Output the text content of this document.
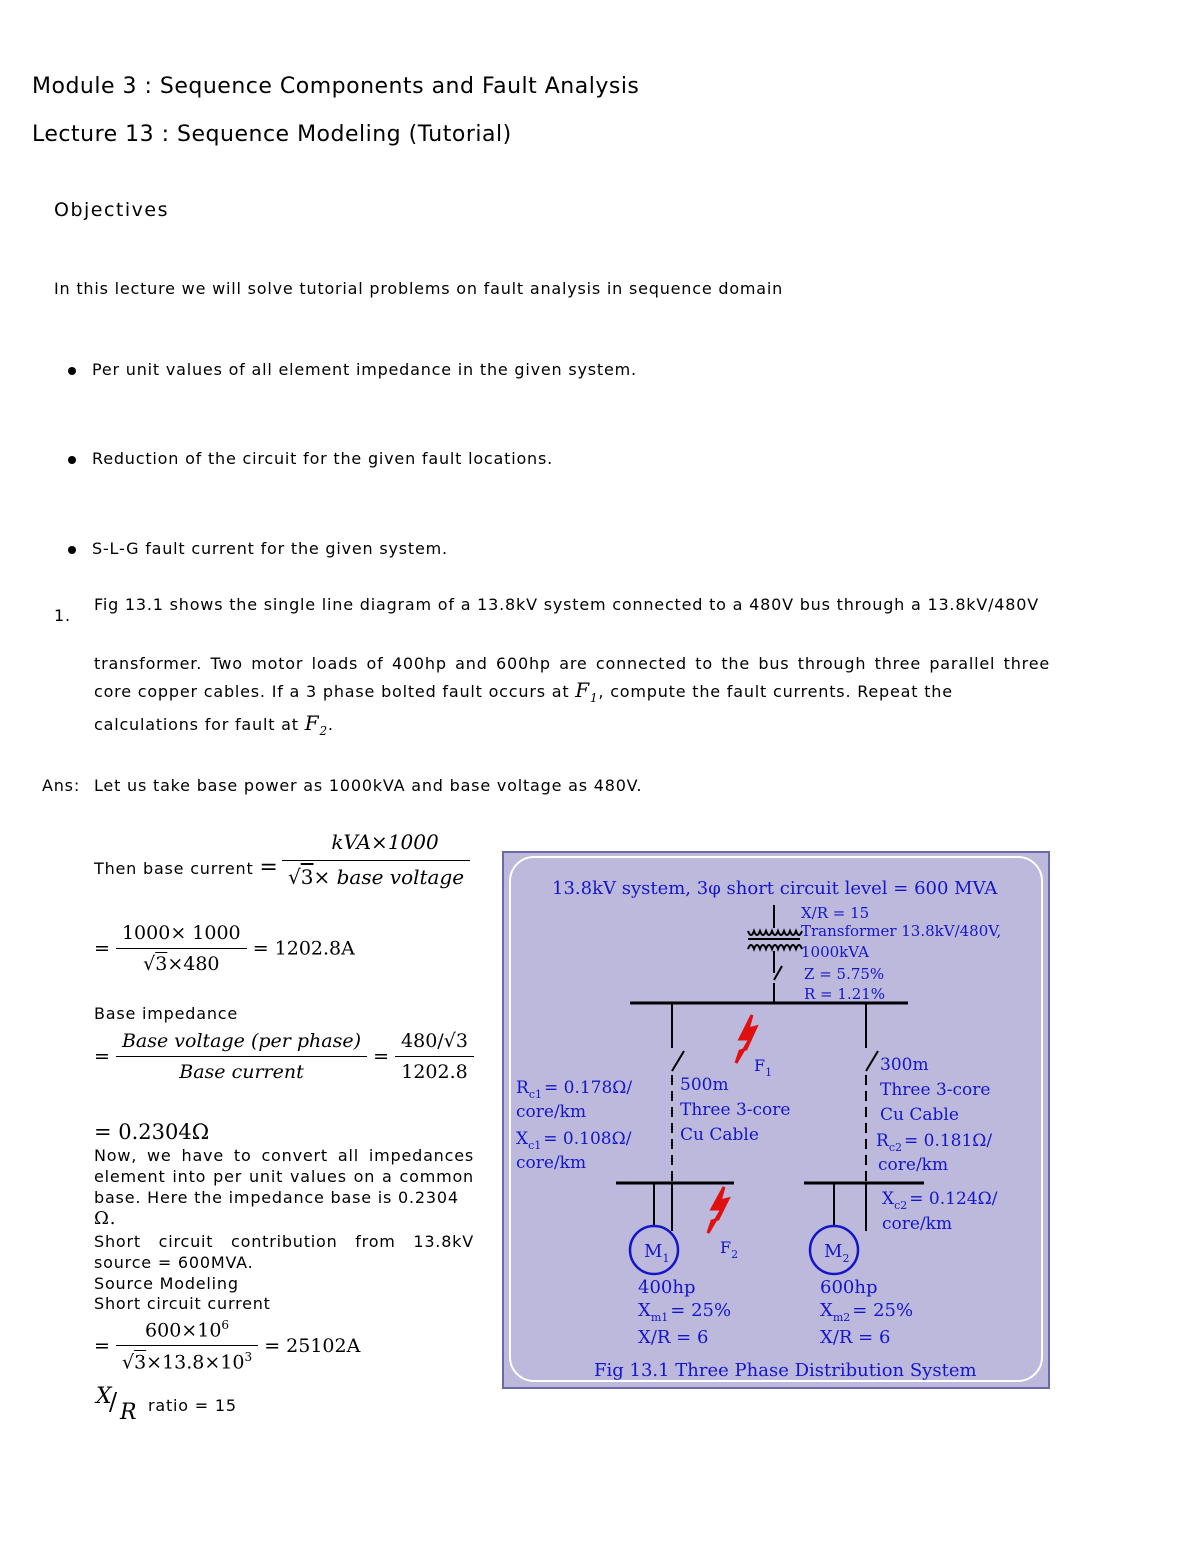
Module 3 : Sequence Components and Fault Analysis
Lecture 13 : Sequence Modeling (Tutorial)
Objectives
In this lecture we will solve tutorial problems on fault analysis in sequence domain
Per unit values of all element impedance in the given system.
Reduction of the circuit for the given fault locations.
S-L-G fault current for the given system.
1.
Fig 13.1 shows the single line diagram of a 13.8kV system connected to a 480V bus through a 13.8kV/480V
transformer. Two motor loads of 400hp and 600hp are connected to the bus through three parallel three core copper cables. If a 3 phase bolted fault occurs at $F_1$, compute the fault currents. Repeat the
calculations for fault at $F_2$.
Ans: Let us take base power as 1000kVA and base voltage as 480V.
Then base current = $\frac{\text{kVA×1000}}{\text{√3× base voltage}}$
= $\frac{1000\times 1000}{√3\times 480} = 1202.8A$
Base impedance
= $\frac{\text{Base voltage (per phase)}}{\text{Base current}} = \frac{480/√3}{1202.8}$
= 0.2304Ω
Now, we have to convert all impedances element into per unit values on a common base. Here the impedance base is 0.2304
Ω.
Short circuit contribution from 13.8kV source = 600MVA.
Source Modeling
Short circuit current
= $\frac{600\times 10^6}{√3\times 13.8\times 10^3} = 25102A$
X
/ R ratio = 15
13.8kV system, 3φ short circuit level = 600 MVA
X/R = 15
Transformer 13.8kV/480V,
1000kVA
Z = 5.75%
R = 1.21%
$F_1$
$F_2$
$M_1$	$M_2$
$R_{c1} = 0.178\Omega/$
core/km
$X_{c1} = 0.108\Omega/$
core/km
500m
Three 3-core
Cu Cable
300m
Three 3-core
Cu Cable
$R_{c2} = 0.181\Omega/$
core/km
$X_{c2} = 0.124\Omega/$
core/km
400hp
$X_{m1} = 25\%$
X/R = 6
600hp
$X_{m2} = 25\%$
X/R = 6
Fig 13.1 Three Phase Distribution System
